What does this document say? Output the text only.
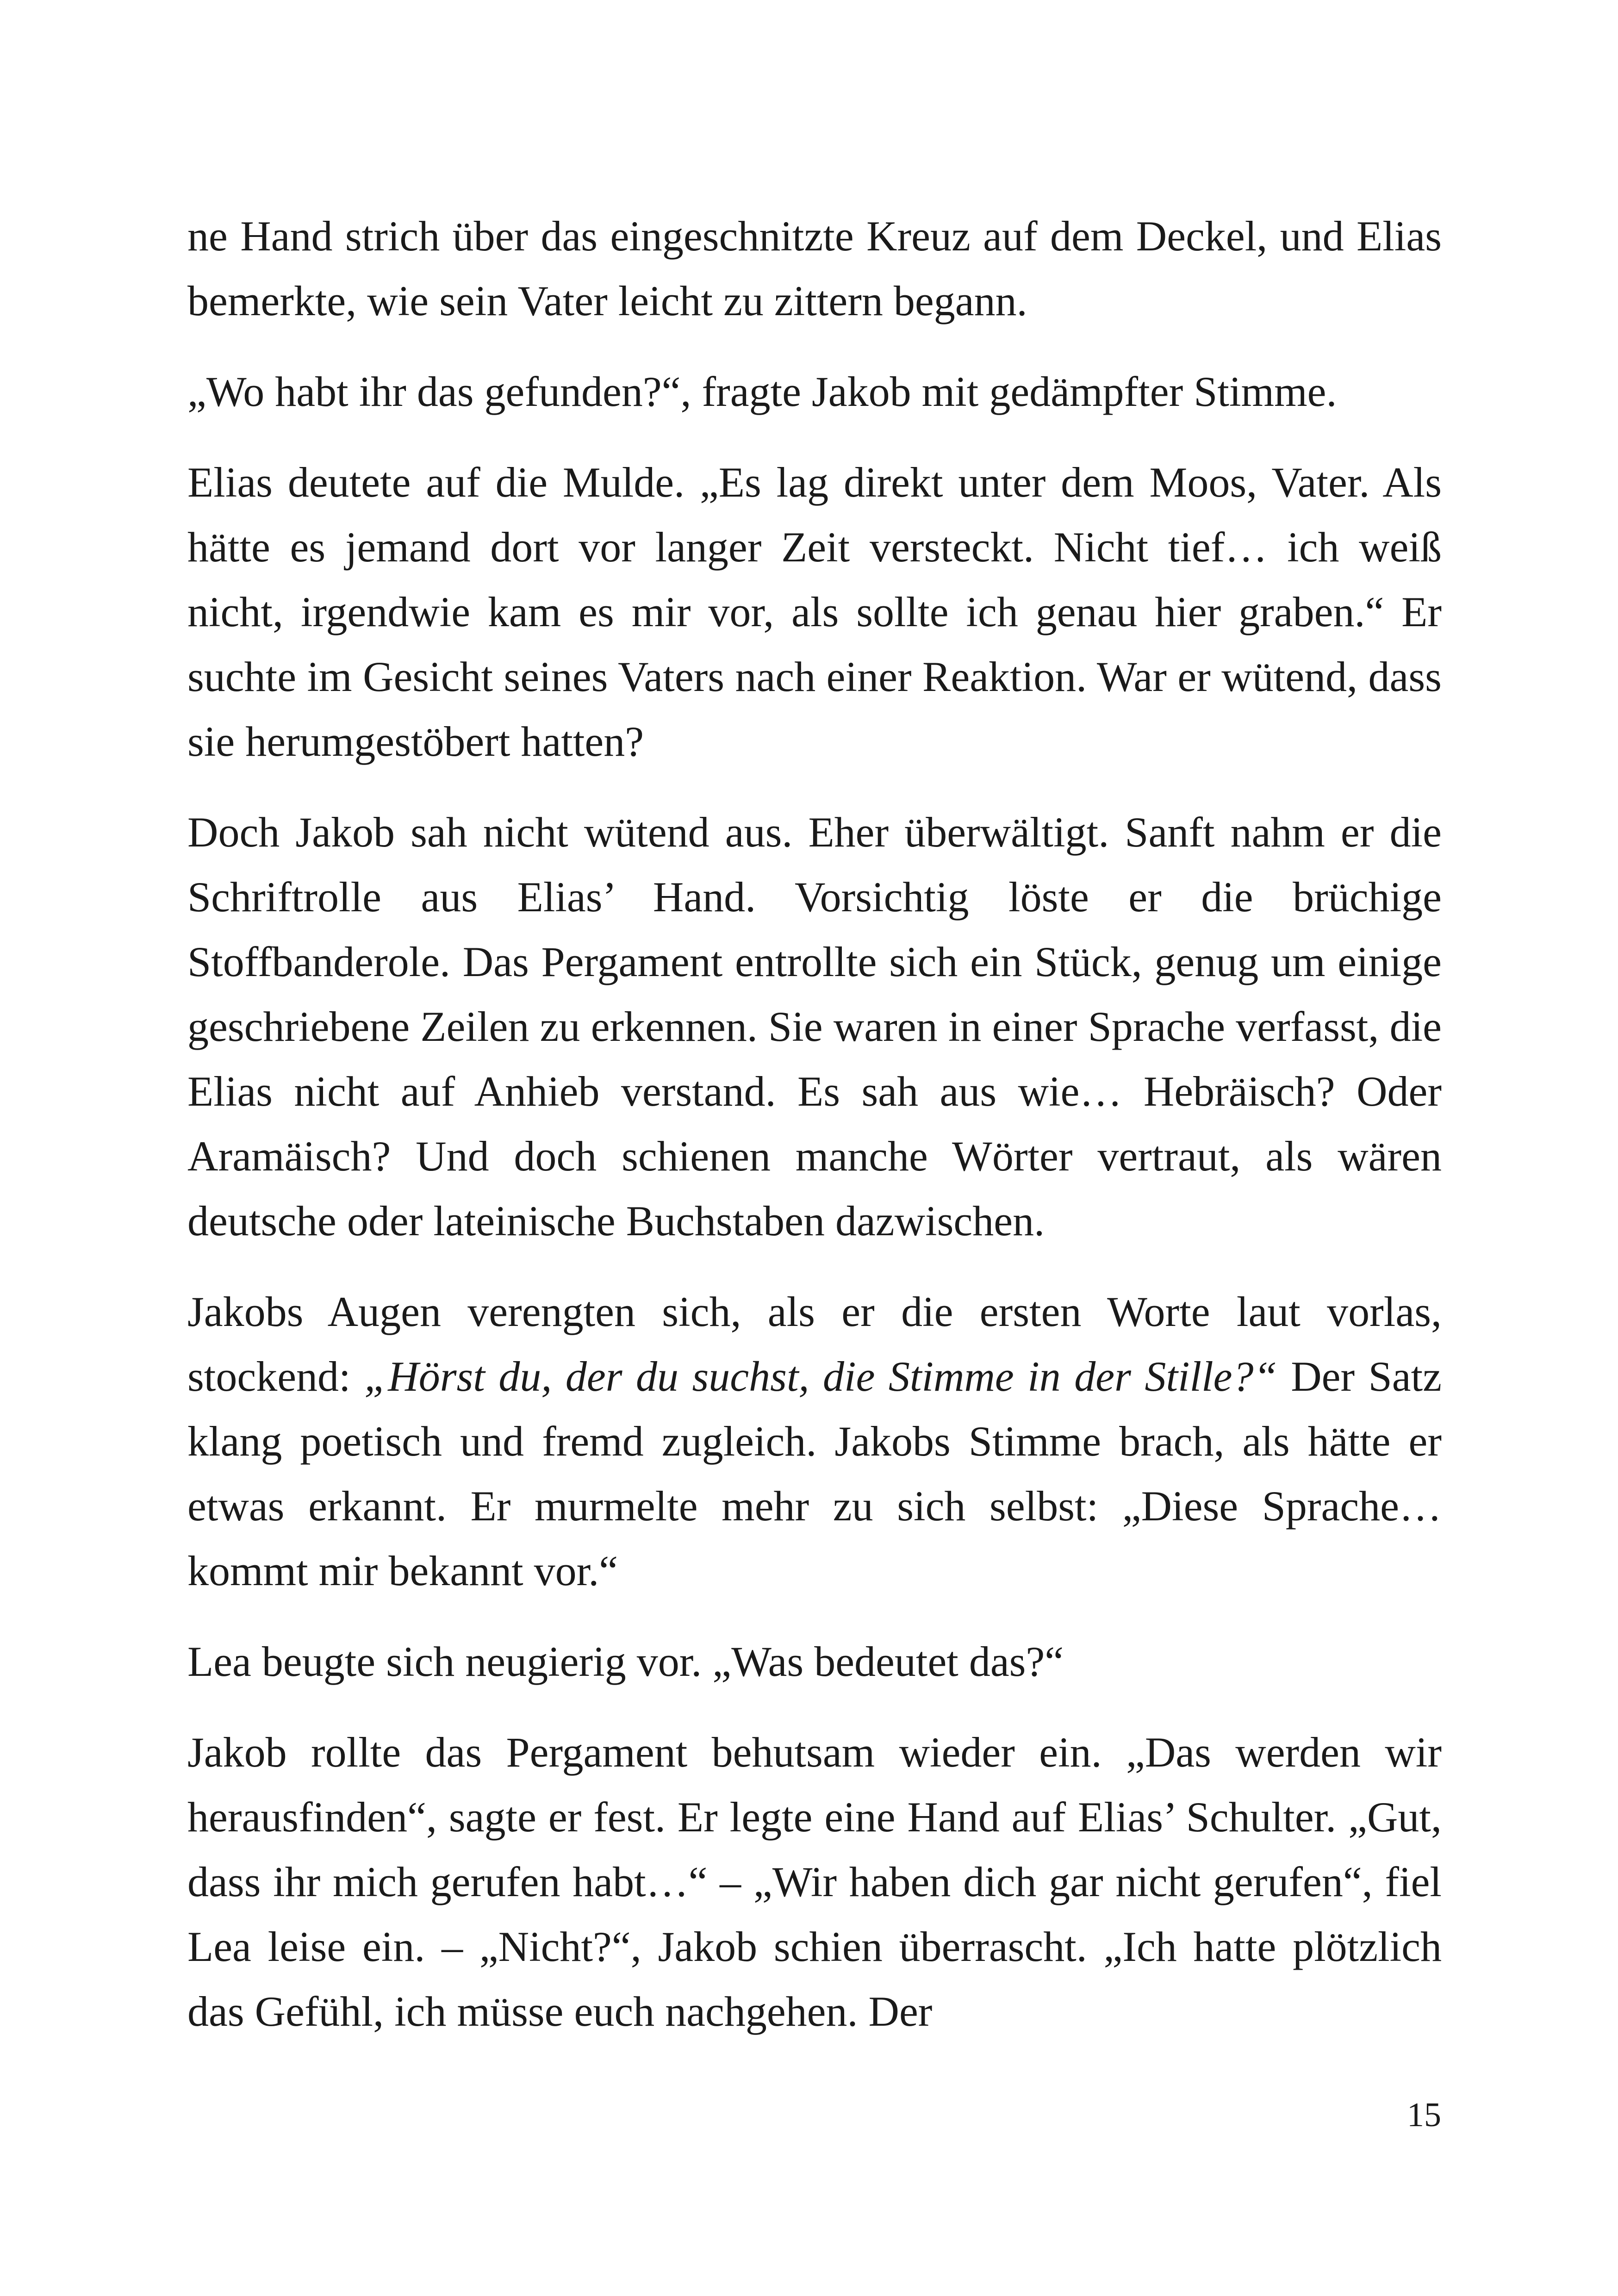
ne Hand strich über das eingeschnitzte Kreuz auf dem Deckel, und Elias bemerkte, wie sein Vater leicht zu zittern begann.

„Wo habt ihr das gefunden?“, fragte Jakob mit gedämpfter Stimme.

Elias deutete auf die Mulde. „Es lag direkt unter dem Moos, Vater. Als hätte es jemand dort vor langer Zeit versteckt. Nicht tief… ich weiß nicht, irgendwie kam es mir vor, als sollte ich genau hier graben.“ Er suchte im Gesicht seines Vaters nach einer Reaktion. War er wütend, dass sie herumgestöbert hatten?

Doch Jakob sah nicht wütend aus. Eher überwältigt. Sanft nahm er die Schriftrolle aus Elias’ Hand. Vorsichtig löste er die brüchige Stoffbanderole. Das Pergament entrollte sich ein Stück, genug um einige geschriebene Zeilen zu erkennen. Sie waren in einer Sprache verfasst, die Elias nicht auf Anhieb verstand. Es sah aus wie… Hebräisch? Oder Aramäisch? Und doch schienen manche Wörter vertraut, als wären deutsche oder lateinische Buchstaben dazwischen.

Jakobs Augen verengten sich, als er die ersten Worte laut vorlas, stockend: „Hörst du, der du suchst, die Stimme in der Stille?“ Der Satz klang poetisch und fremd zugleich. Jakobs Stimme brach, als hätte er etwas erkannt. Er murmelte mehr zu sich selbst: „Diese Sprache… kommt mir bekannt vor.“

Lea beugte sich neugierig vor. „Was bedeutet das?“

Jakob rollte das Pergament behutsam wieder ein. „Das werden wir herausfinden“, sagte er fest. Er legte eine Hand auf Elias’ Schulter. „Gut, dass ihr mich gerufen habt…“ – „Wir haben dich gar nicht gerufen“, fiel Lea leise ein. – „Nicht?“, Jakob schien überrascht. „Ich hatte plötzlich das Gefühl, ich müsse euch nachgehen. Der

15
